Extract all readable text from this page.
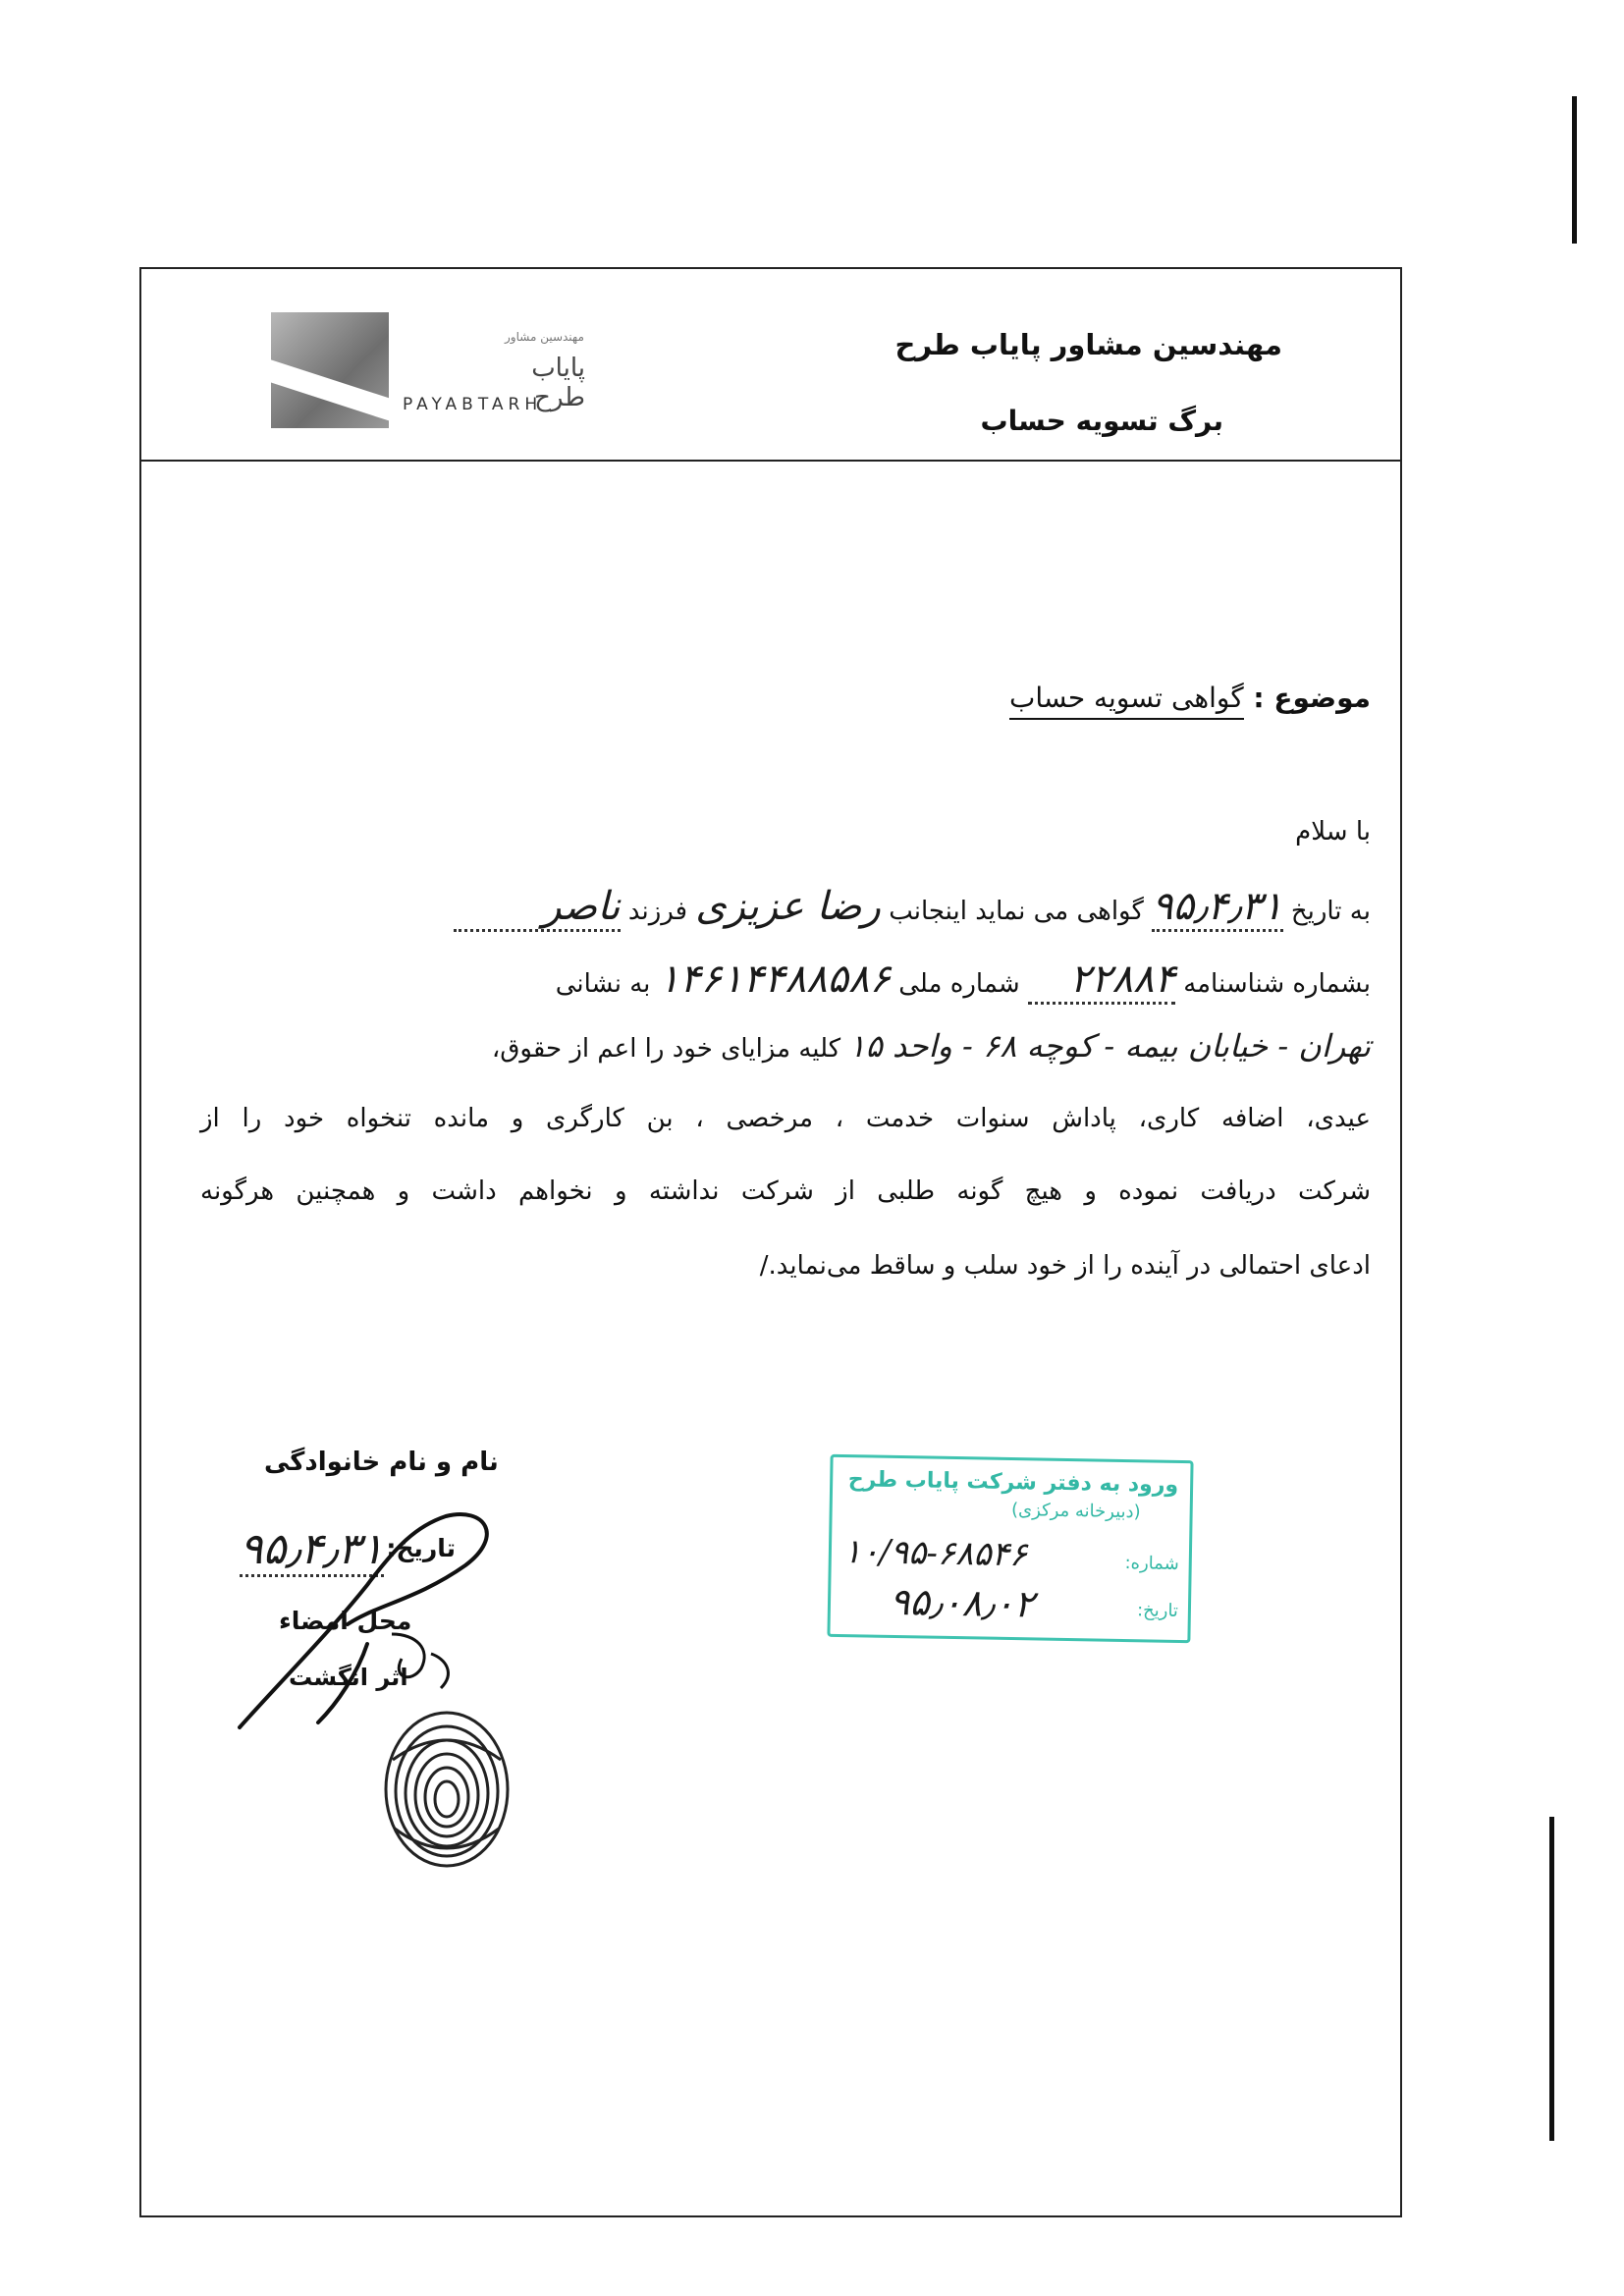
مهندسین مشاور پایاب طرح
برگ تسویه حساب
مهندسین مشاور
پایاب طرح
PAYABTARH
موضوع : گواهی تسویه حساب
با سلام
به تاریخ ۹۵٫۴٫۳۱ گواهی می نماید اینجانب رضا عزیزی فرزند ناصر
بشماره شناسنامه ۲۲۸۸۴ شماره ملی ۱۴۶۱۴۴۸۸۵۸۶ به نشانی
تهران - خیابان بیمه - کوچه ۶۸ - واحد ۱۵ کلیه مزایای خود را اعم از حقوق،
عیدی، اضافه کاری، پاداش سنوات خدمت ، مرخصی ، بن کارگری و مانده تنخواه خود را از
شرکت دریافت نموده و هیچ گونه طلبی از شرکت نداشته و نخواهم داشت و همچنین هرگونه
ادعای احتمالی در آینده را از خود سلب و ساقط می‌نماید./
نام و نام خانوادگی
تاریخ:
۹۵٫۴٫۳۱
محل امضاء
اثر انگشت
ورود به دفتر شرکت پایاب طرح
(دبیرخانه مرکزی)
شماره:
۱۰/۹۵-۶۸۵۴۶
تاریخ:
۹۵٫۰۸٫۰۲
